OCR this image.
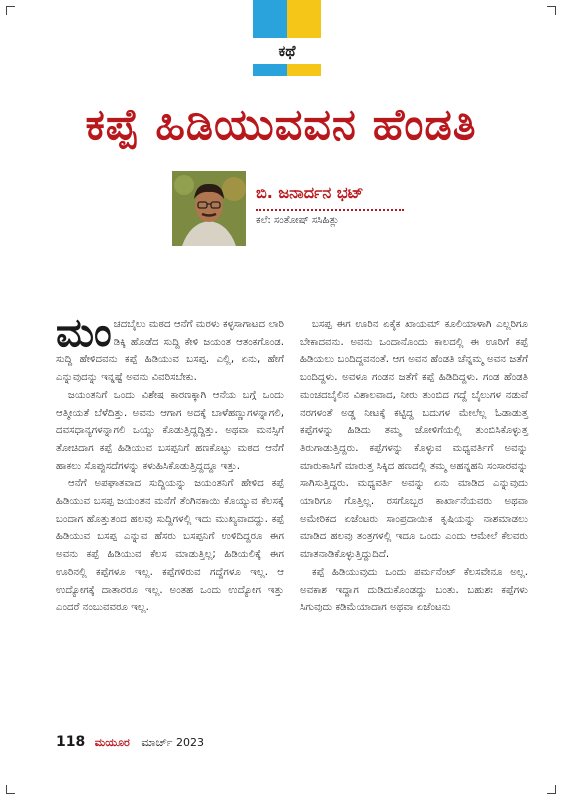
ಕಥೆ
ಕಪ್ಪೆ ಹಿಡಿಯುವವನ ಹೆಂಡತಿ
ಬಿ. ಜನಾರ್ದನ ಭಟ್
ಕಲೆ: ಸಂತೋಷ್ ಸಸಿಹಿತ್ಲು

ಮಂಚದಬೈಲು ಮಠದ ಆನೆಗೆ ಮರಳು ಕಳ್ಳಸಾಗಾಟದ ಲಾರಿ ಡಿಕ್ಕಿ ಹೊಡೆದ ಸುದ್ದಿ ಕೇಳಿ ಜಯಂತ ಆತಂಕಗೊಂಡ. ಸುದ್ದಿ ಹೇಳಿದವನು ಕಪ್ಪೆ ಹಿಡಿಯುವ ಬಸಪ್ಪ. ಎಲ್ಲಿ, ಏನು, ಹೇಗೆ ಎನ್ನುವುದನ್ನು ಇನ್ನಷ್ಟೆ ಅವನು ವಿವರಿಸಬೇಕು.

ಜಯಂತನಿಗೆ ಒಂದು ವಿಶೇಷ ಕಾರಣಕ್ಕಾಗಿ ಆನೆಯ ಬಗ್ಗೆ ಒಂದು ಆತ್ಮೀಯತೆ ಬೆಳೆದಿತ್ತು. ಅವನು ಆಗಾಗ ಅದಕ್ಕೆ ಬಾಳೆಹಣ್ಣುಗಳನ್ನಾಗಲಿ, ದವಸಧಾನ್ಯಗಳನ್ನಾಗಲಿ ಒಯ್ದು ಕೊಡುತ್ತಿದ್ದದ್ದಿತ್ತು. ಅಥವಾ ಮನಸ್ಸಿಗೆ ತೋಚಿದಾಗ ಕಪ್ಪೆ ಹಿಡಿಯುವ ಬಸಪ್ಪನಿಗೆ ಹಣಕೊಟ್ಟು ಮಠದ ಆನೆಗೆ ಹಾಕಲು ಸೊಪ್ಪುಸದೆಗಳನ್ನು ಕಳುಹಿಸಿಕೊಡುತ್ತಿದ್ದದ್ದೂ ಇತ್ತು.

ಆನೆಗೆ ಅಪಘಾತವಾದ ಸುದ್ದಿಯನ್ನು ಜಯಂತನಿಗೆ ಹೇಳಿದ ಕಪ್ಪೆ ಹಿಡಿಯುವ ಬಸಪ್ಪ ಜಯಂತನ ಮನೆಗೆ ತೆಂಗಿನಕಾಯಿ ಕೊಯ್ಯುವ ಕೆಲಸಕ್ಕೆ ಬಂದಾಗ ಹೊತ್ತುತಂದ ಹಲವು ಸುದ್ದಿಗಳಲ್ಲಿ ಇದು ಮುಖ್ಯವಾದದ್ದು. ಕಪ್ಪೆ ಹಿಡಿಯುವ ಬಸಪ್ಪ ಎನ್ನುವ ಹೆಸರು ಬಸಪ್ಪನಿಗೆ ಉಳಿದಿದ್ದರೂ ಈಗ ಅವನು ಕಪ್ಪೆ ಹಿಡಿಯುವ ಕೆಲಸ ಮಾಡುತ್ತಿಲ್ಲ; ಹಿಡಿಯಲಿಕ್ಕೆ ಈಗ ಊರಿನಲ್ಲಿ ಕಪ್ಪೆಗಳೂ ಇಲ್ಲ. ಕಪ್ಪೆಗಳಿರುವ ಗದ್ದೆಗಳೂ ಇಲ್ಲ. ಆ ಉದ್ಯೋಗಕ್ಕೆ ದಾತಾರರೂ ಇಲ್ಲ. ಅಂತಹ ಒಂದು ಉದ್ಯೋಗ ಇತ್ತು ಎಂದರೆ ನಂಬುವವರೂ ಇಲ್ಲ.

ಬಸಪ್ಪ ಈಗ ಊರಿನ ಏಕೈಕ ಖಾಯಮ್ ಕೂಲಿಯಾಳಾಗಿ ಎಲ್ಲರಿಗೂ ಬೇಕಾದವನು. ಅವನು ಒಂದಾನೊಂದು ಕಾಲದಲ್ಲಿ ಈ ಊರಿಗೆ ಕಪ್ಪೆ ಹಿಡಿಯಲು ಬಂದಿದ್ದವನಂತೆ. ಆಗ ಅವನ ಹೆಂಡತಿ ಚೆನ್ನಮ್ಮ ಅವನ ಜತೆಗೆ ಬಂದಿದ್ದಳು. ಅವಳೂ ಗಂಡನ ಜತೆಗೆ ಕಪ್ಪೆ ಹಿಡಿದಿದ್ದಳು. ಗಂಡ ಹೆಂಡತಿ ಮಂಚದಬೈಲಿನ ವಿಶಾಲವಾದ, ನೀರು ತುಂಬಿದ ಗದ್ದೆ ಬೈಲುಗಳ ನಡುವೆ ನರಗಳಂತೆ ಅಡ್ಡ ನೀಟಕ್ಕೆ ಕಟ್ಟಿದ್ದ ಬದುಗಳ ಮೇಲೆಲ್ಲ ಓಡಾಡುತ್ತ ಕಪ್ಪೆಗಳನ್ನು ಹಿಡಿದು ತಮ್ಮ ಜೋಳಿಗೆಯಲ್ಲಿ ತುಂಬಿಸಿಕೊಳ್ಳುತ್ತ ತಿರುಗಾಡುತ್ತಿದ್ದರು. ಕಪ್ಪೆಗಳನ್ನು ಕೊಳ್ಳುವ ಮಧ್ಯವರ್ತಿಗೆ ಅವನ್ನು ಮಾರುಕಾಸಿಗೆ ಮಾರುತ್ತ ಸಿಕ್ಕಿದ ಹಣದಲ್ಲಿ ತಮ್ಮ ಅಹನ್ನಹನಿ ಸಂಸಾರವನ್ನು ಸಾಗಿಸುತ್ತಿದ್ದರು. ಮಧ್ಯವರ್ತಿ ಅವನ್ನು ಏನು ಮಾಡಿದ ಎನ್ನುವುದು ಯಾರಿಗೂ ಗೊತ್ತಿಲ್ಲ. ರಸಗೊಬ್ಬರ ಕಾರ್ಖಾನೆಯವರು ಅಥವಾ ಅಮೇರಿಕದ ಏಜೆಂಟರು ಸಾಂಪ್ರದಾಯಿಕ ಕೃಷಿಯನ್ನು ನಾಶಮಾಡಲು ಮಾಡಿದ ಹಲವು ತಂತ್ರಗಳಲ್ಲಿ ಇದೂ ಒಂದು ಎಂದು ಆಮೇಲೆ ಕೆಲವರು ಮಾತನಾಡಿಕೊಳ್ಳುತ್ತಿದ್ದುದಿದೆ.

ಕಪ್ಪೆ ಹಿಡಿಯುವುದು ಒಂದು ಪರ್ಮನೆಂಟ್ ಕೆಲಸವೇನೂ ಅಲ್ಲ. ಅವಕಾಶ ಇದ್ದಾಗ ದುಡಿದುಕೊಂಡದ್ದು ಬಂತು. ಬಹುಶಃ ಕಪ್ಪೆಗಳು ಸಿಗುವುದು ಕಡಿಮೆಯಾದಾಗ ಅಥವಾ ಏಜೆಂಟನು

118 ಮಯೂರ ಮಾರ್ಚ್ 2023
